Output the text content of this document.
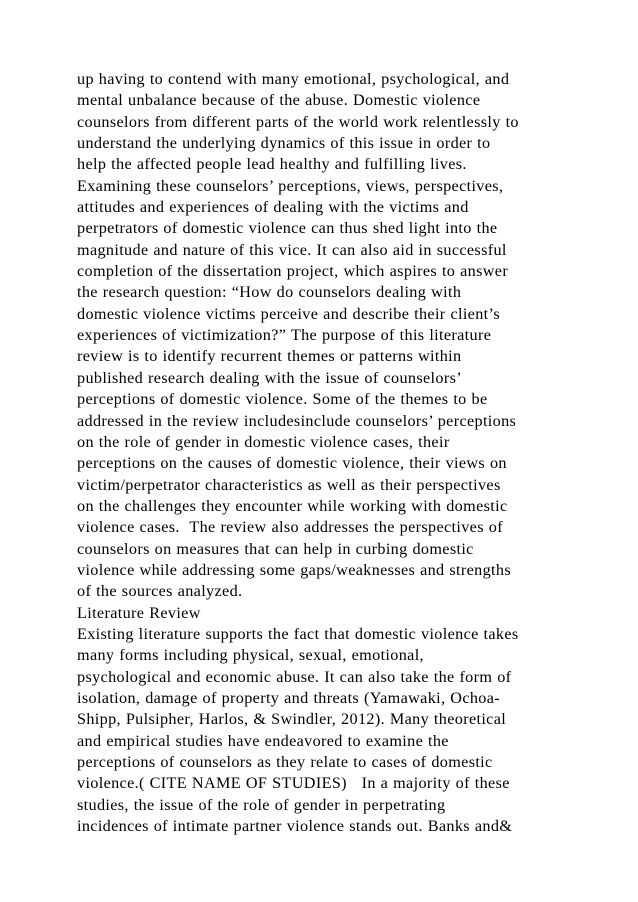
up having to contend with many emotional, psychological, and
mental unbalance because of the abuse. Domestic violence
counselors from different parts of the world work relentlessly to
understand the underlying dynamics of this issue in order to
help the affected people lead healthy and fulfilling lives.
Examining these counselors’ perceptions, views, perspectives,
attitudes and experiences of dealing with the victims and
perpetrators of domestic violence can thus shed light into the
magnitude and nature of this vice. It can also aid in successful
completion of the dissertation project, which aspires to answer
the research question: “How do counselors dealing with
domestic violence victims perceive and describe their client’s
experiences of victimization?” The purpose of this literature
review is to identify recurrent themes or patterns within
published research dealing with the issue of counselors’
perceptions of domestic violence. Some of the themes to be
addressed in the review includesinclude counselors’ perceptions
on the role of gender in domestic violence cases, their
perceptions on the causes of domestic violence, their views on
victim/perpetrator characteristics as well as their perspectives
on the challenges they encounter while working with domestic
violence cases.  The review also addresses the perspectives of
counselors on measures that can help in curbing domestic
violence while addressing some gaps/weaknesses and strengths
of the sources analyzed.
Literature Review
Existing literature supports the fact that domestic violence takes
many forms including physical, sexual, emotional,
psychological and economic abuse. It can also take the form of
isolation, damage of property and threats (Yamawaki, Ochoa-
Shipp, Pulsipher, Harlos, & Swindler, 2012). Many theoretical
and empirical studies have endeavored to examine the
perceptions of counselors as they relate to cases of domestic
violence.( CITE NAME OF STUDIES)   In a majority of these
studies, the issue of the role of gender in perpetrating
incidences of intimate partner violence stands out. Banks and&
